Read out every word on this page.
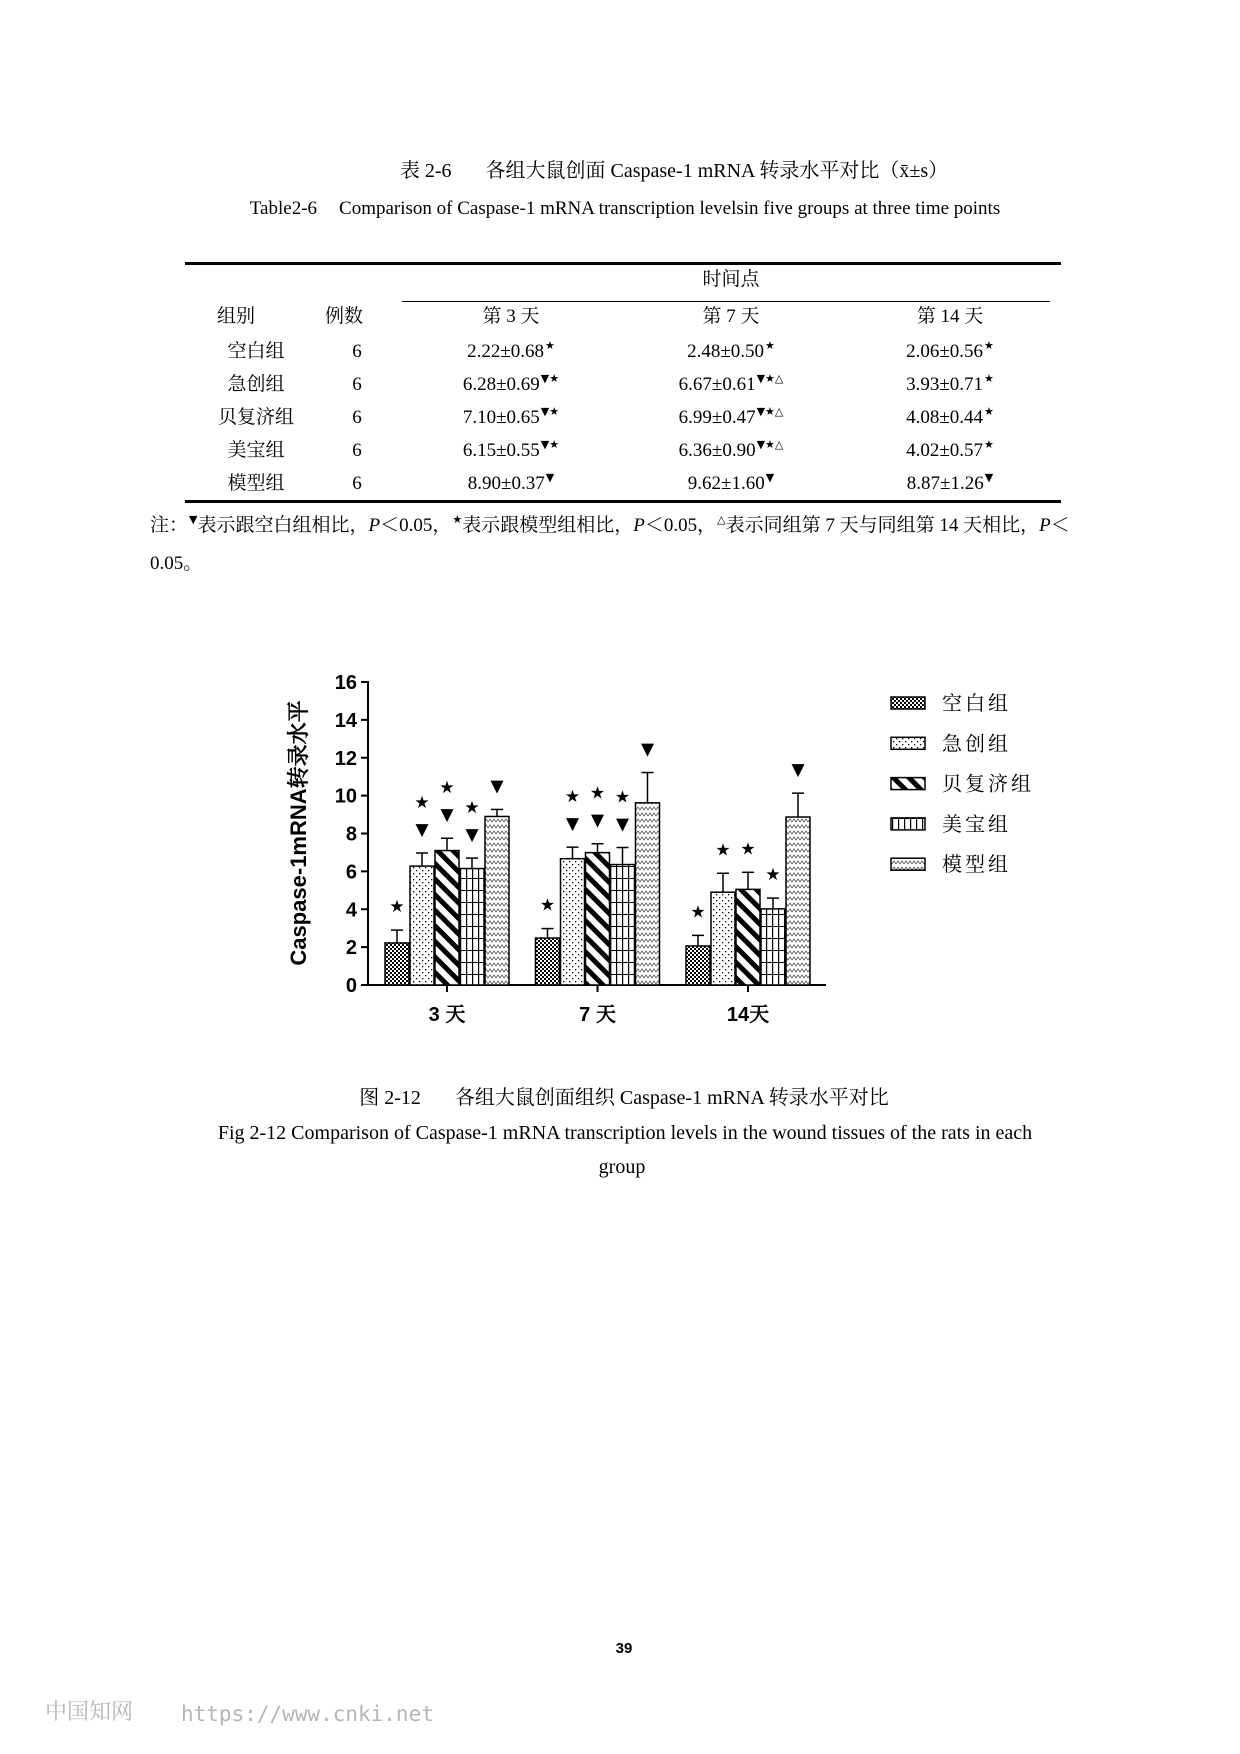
表 2-6 各组大鼠创面 Caspase-1 mRNA 转录水平对比（x̄±s）
Table2-6 Comparison of Caspase-1 mRNA transcription levelsin five groups at three time points
时间点
组别	例数	第 3 天	第 7 天	第 14 天
空白组	6	2.22±0.68★	2.48±0.50★	2.06±0.56★
急创组	6	6.28±0.69▼★	6.67±0.61▼★△	3.93±0.71★
贝复济组	6	7.10±0.65▼★	6.99±0.47▼★△	4.08±0.44★
美宝组	6	6.15±0.55▼★	6.36±0.90▼★△	4.02±0.57★
模型组	6	8.90±0.37▼	9.62±1.60▼	8.87±1.26▼
注：▼表示跟空白组相比，P＜0.05，★表示跟模型组相比，P＜0.05，△表示同组第 7 天与同组第 14 天相比，P＜0.05。
0
2
4
6
8
10
12
14
16
3 天	7 天	14天
★	★	★
▼
★
▼
★
★
▼
★
▼
★
★
▼
★
▼
★
★
▼
▼
▼
Caspase-1mRNA转录水平	空白组
急创组
贝复济组
美宝组
模型组
图 2-12 各组大鼠创面组织 Caspase-1 mRNA 转录水平对比
Fig 2-12 Comparison of Caspase-1 mRNA transcription levels in the wound tissues of the rats in each
group
39
中国知网 https://www.cnki.net
